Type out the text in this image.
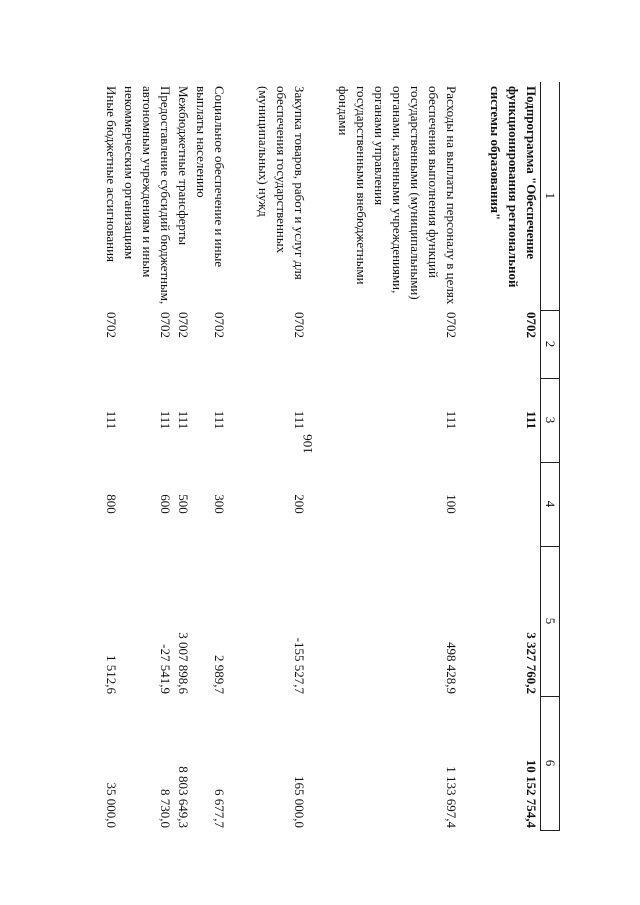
106
1	2	3	4	5	6
Подпрограмма "Обеспечение функционирования региональной системы образования"	0702	111		3 327 760,2	10 152 754,4
Расходы на выплаты персоналу в целях обеспечения выполнения функций государственными (муниципальными) органами, казенными учреждениями, органами управления государственными внебюджетными фондами	0702	111	100	498 428,9	1 133 697,4
Закупка товаров, работ и услуг для обеспечения государственных (муниципальных) нужд	0702	111	200	-155 527,7	165 000,0
Социальное обеспечение и иные выплаты населению	0702	111	300	2 989,7	6 677,7
Межбюджетные трансферты	0702	111	500	3 007 898,6	8 803 649,3
Предоставление субсидий бюджетным, автономным учреждениям и иным некоммерческим организациям	0702	111	600	-27 541,9	8 730,0
Иные бюджетные ассигнования	0702	111	800	1 512,6	35 000,0
